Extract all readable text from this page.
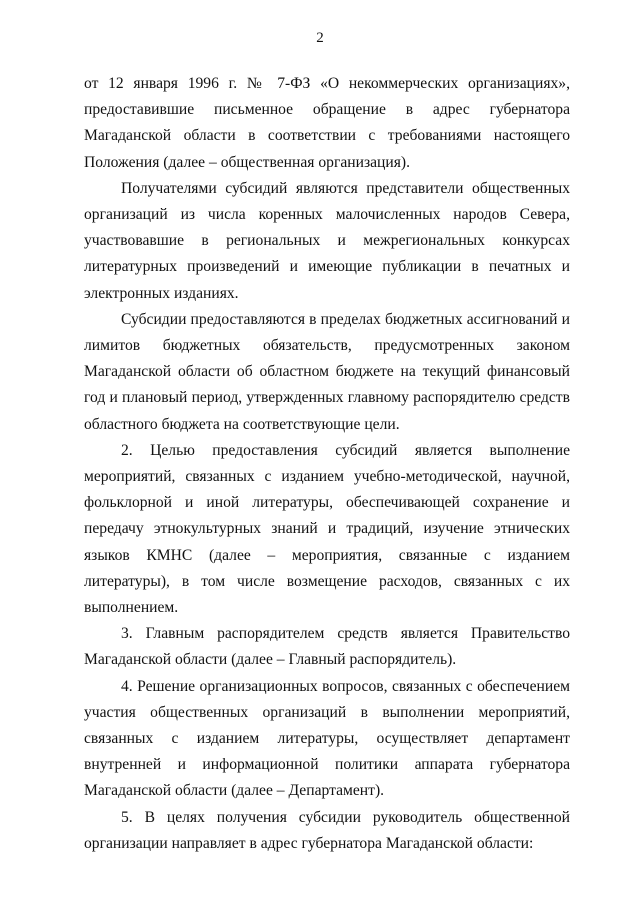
2

от 12 января 1996 г. № 7-ФЗ «О некоммерческих организациях», предоставившие письменное обращение в адрес губернатора Магаданской области в соответствии с требованиями настоящего Положения (далее – общественная организация).

Получателями субсидий являются представители общественных организаций из числа коренных малочисленных народов Севера, участвовавшие в региональных и межрегиональных конкурсах литературных произведений и имеющие публикации в печатных и электронных изданиях.

Субсидии предоставляются в пределах бюджетных ассигнований и лимитов бюджетных обязательств, предусмотренных законом Магаданской области об областном бюджете на текущий финансовый год и плановый период, утвержденных главному распорядителю средств областного бюджета на соответствующие цели.

2. Целью предоставления субсидий является выполнение мероприятий, связанных с изданием учебно-методической, научной, фольклорной и иной литературы, обеспечивающей сохранение и передачу этнокультурных знаний и традиций, изучение этнических языков КМНС (далее – мероприятия, связанные с изданием литературы), в том числе возмещение расходов, связанных с их выполнением.

3. Главным распорядителем средств является Правительство Магаданской области (далее – Главный распорядитель).

4. Решение организационных вопросов, связанных с обеспечением участия общественных организаций в выполнении мероприятий, связанных с изданием литературы, осуществляет департамент внутренней и информационной политики аппарата губернатора Магаданской области (далее – Департамент).

5. В целях получения субсидии руководитель общественной организации направляет в адрес губернатора Магаданской области:
